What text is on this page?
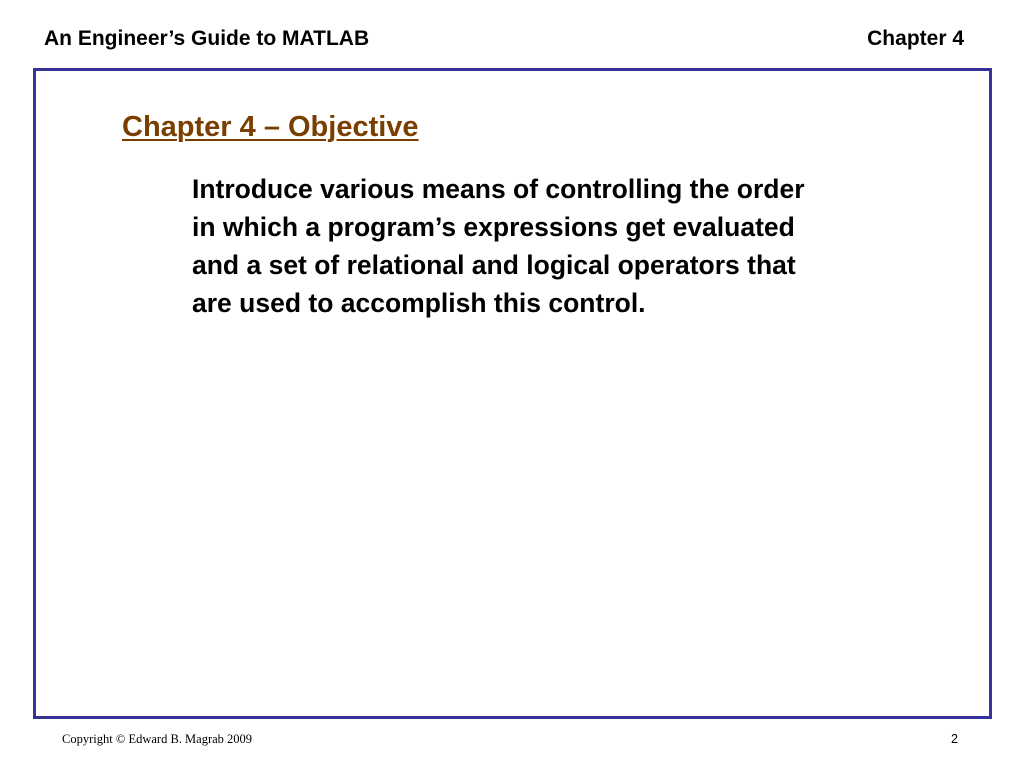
An Engineer’s Guide to MATLAB	Chapter 4
Chapter 4 – Objective
Introduce various means of controlling the order
in which a program’s expressions get evaluated
and a set of relational and logical operators that
are used to accomplish this control.
Copyright © Edward B. Magrab 2009	2
